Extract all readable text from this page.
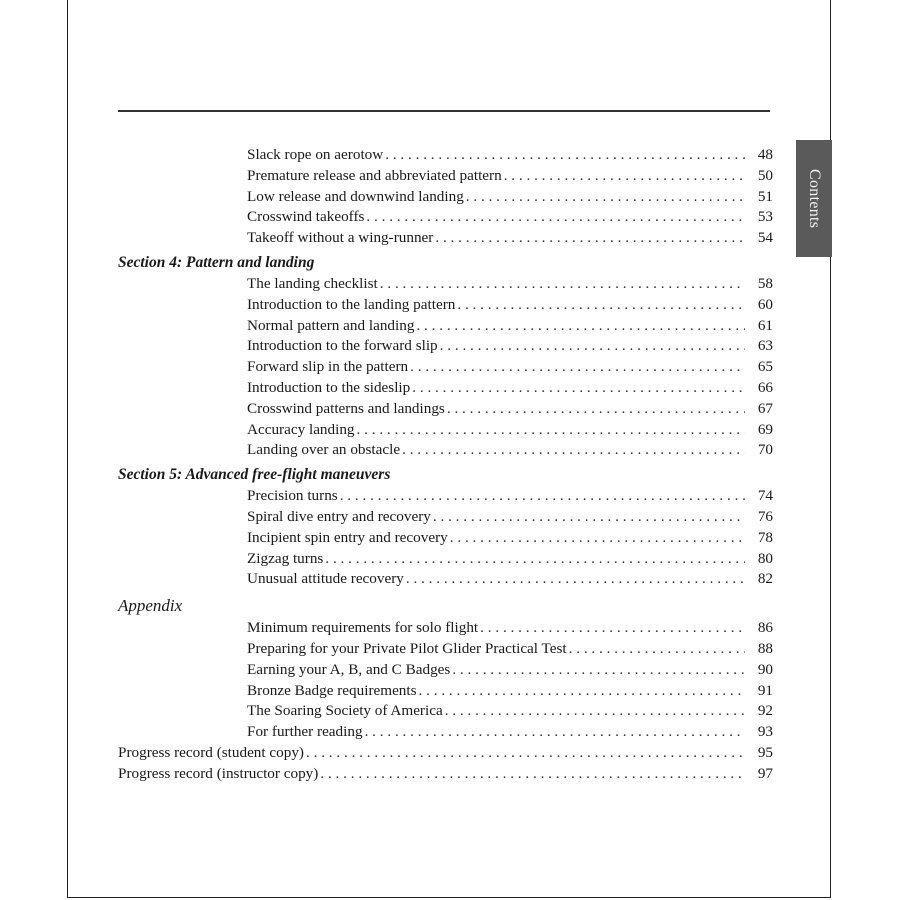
Contents
Slack rope on aerotow . . .	48
Premature release and abbreviated pattern . . .	50
Low release and downwind landing . . .	51
Crosswind takeoffs . . .	53
Takeoff without a wing-runner . . .	54
Section 4: Pattern and landing
The landing checklist . . .	58
Introduction to the landing pattern . . .	60
Normal pattern and landing . . .	61
Introduction to the forward slip . . .	63
Forward slip in the pattern . . .	65
Introduction to the sideslip . . .	66
Crosswind patterns and landings . . .	67
Accuracy landing . . .	69
Landing over an obstacle . . .	70
Section 5: Advanced free-flight maneuvers
Precision turns . . .	74
Spiral dive entry and recovery . . .	76
Incipient spin entry and recovery . . .	78
Zigzag turns . . .	80
Unusual attitude recovery . . .	82
Appendix
Minimum requirements for solo flight . . .	86
Preparing for your Private Pilot Glider Practical Test . . .	88
Earning your A, B, and C Badges . . .	90
Bronze Badge requirements . . .	91
The Soaring Society of America . . .	92
For further reading . . .	93
Progress record (student copy) . . .	95
Progress record (instructor copy) . . .	97
